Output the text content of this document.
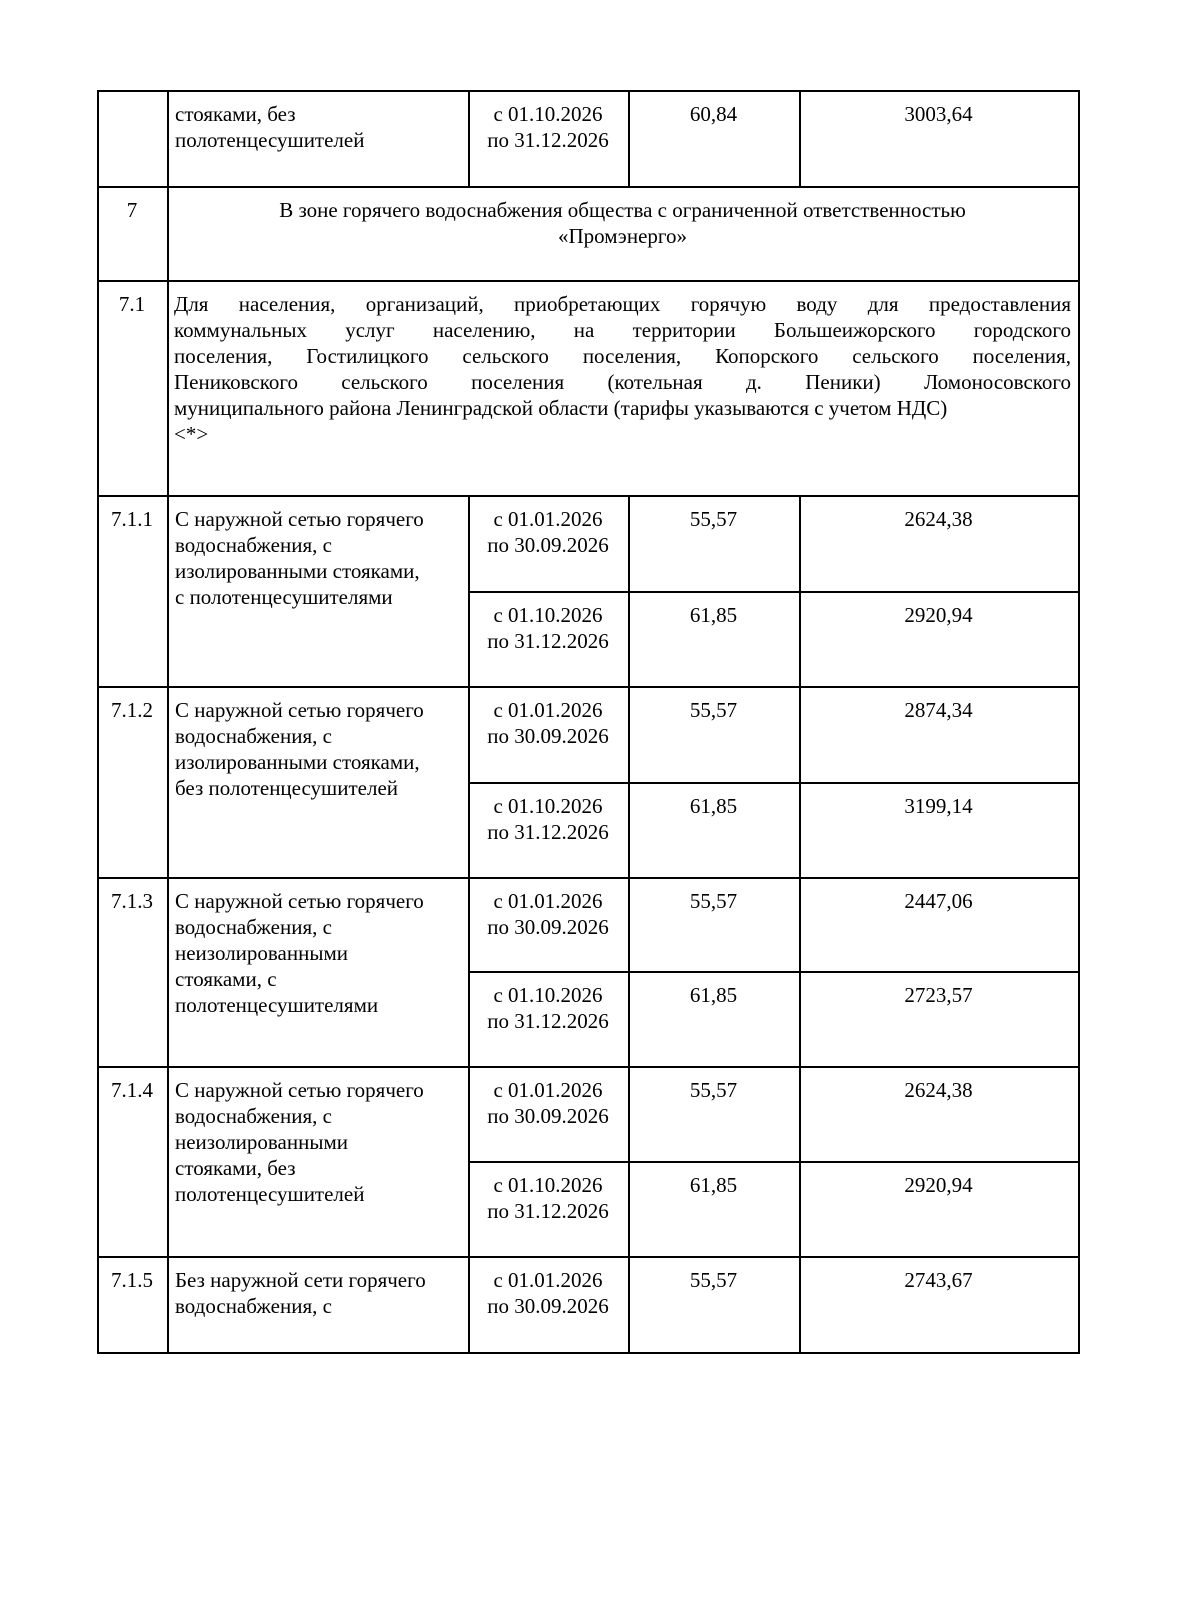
стояками, без
полотенцесушителей
с 01.10.2026
по 31.12.2026
60,84	3003,64
7	В зоне горячего водоснабжения общества с ограниченной ответственностью
«Промэнерго»
7.1	Для населения, организаций, приобретающих горячую воду для предоставления
коммунальных услуг населению, на территории Большеижорского городского
поселения, Гостилицкого сельского поселения, Копорского сельского поселения,
Пениковского сельского поселения (котельная д. Пеники) Ломоносовского
муниципального района Ленинградской области (тарифы указываются с учетом НДС)
<*>
7.1.1	С наружной сетью горячего
водоснабжения, с
изолированными стояками,
с полотенцесушителями
с 01.01.2026
по 30.09.2026
55,57	2624,38
с 01.10.2026
по 31.12.2026
61,85	2920,94
7.1.2	С наружной сетью горячего
водоснабжения, с
изолированными стояками,
без полотенцесушителей
с 01.01.2026
по 30.09.2026
55,57	2874,34
с 01.10.2026
по 31.12.2026
61,85	3199,14
7.1.3	С наружной сетью горячего
водоснабжения, с
неизолированными
стояками, с
полотенцесушителями
с 01.01.2026
по 30.09.2026
55,57	2447,06
с 01.10.2026
по 31.12.2026
61,85	2723,57
7.1.4	С наружной сетью горячего
водоснабжения, с
неизолированными
стояками, без
полотенцесушителей
с 01.01.2026
по 30.09.2026
55,57	2624,38
с 01.10.2026
по 31.12.2026
61,85	2920,94
7.1.5	Без наружной сети горячего
водоснабжения, с
с 01.01.2026
по 30.09.2026
55,57	2743,67
